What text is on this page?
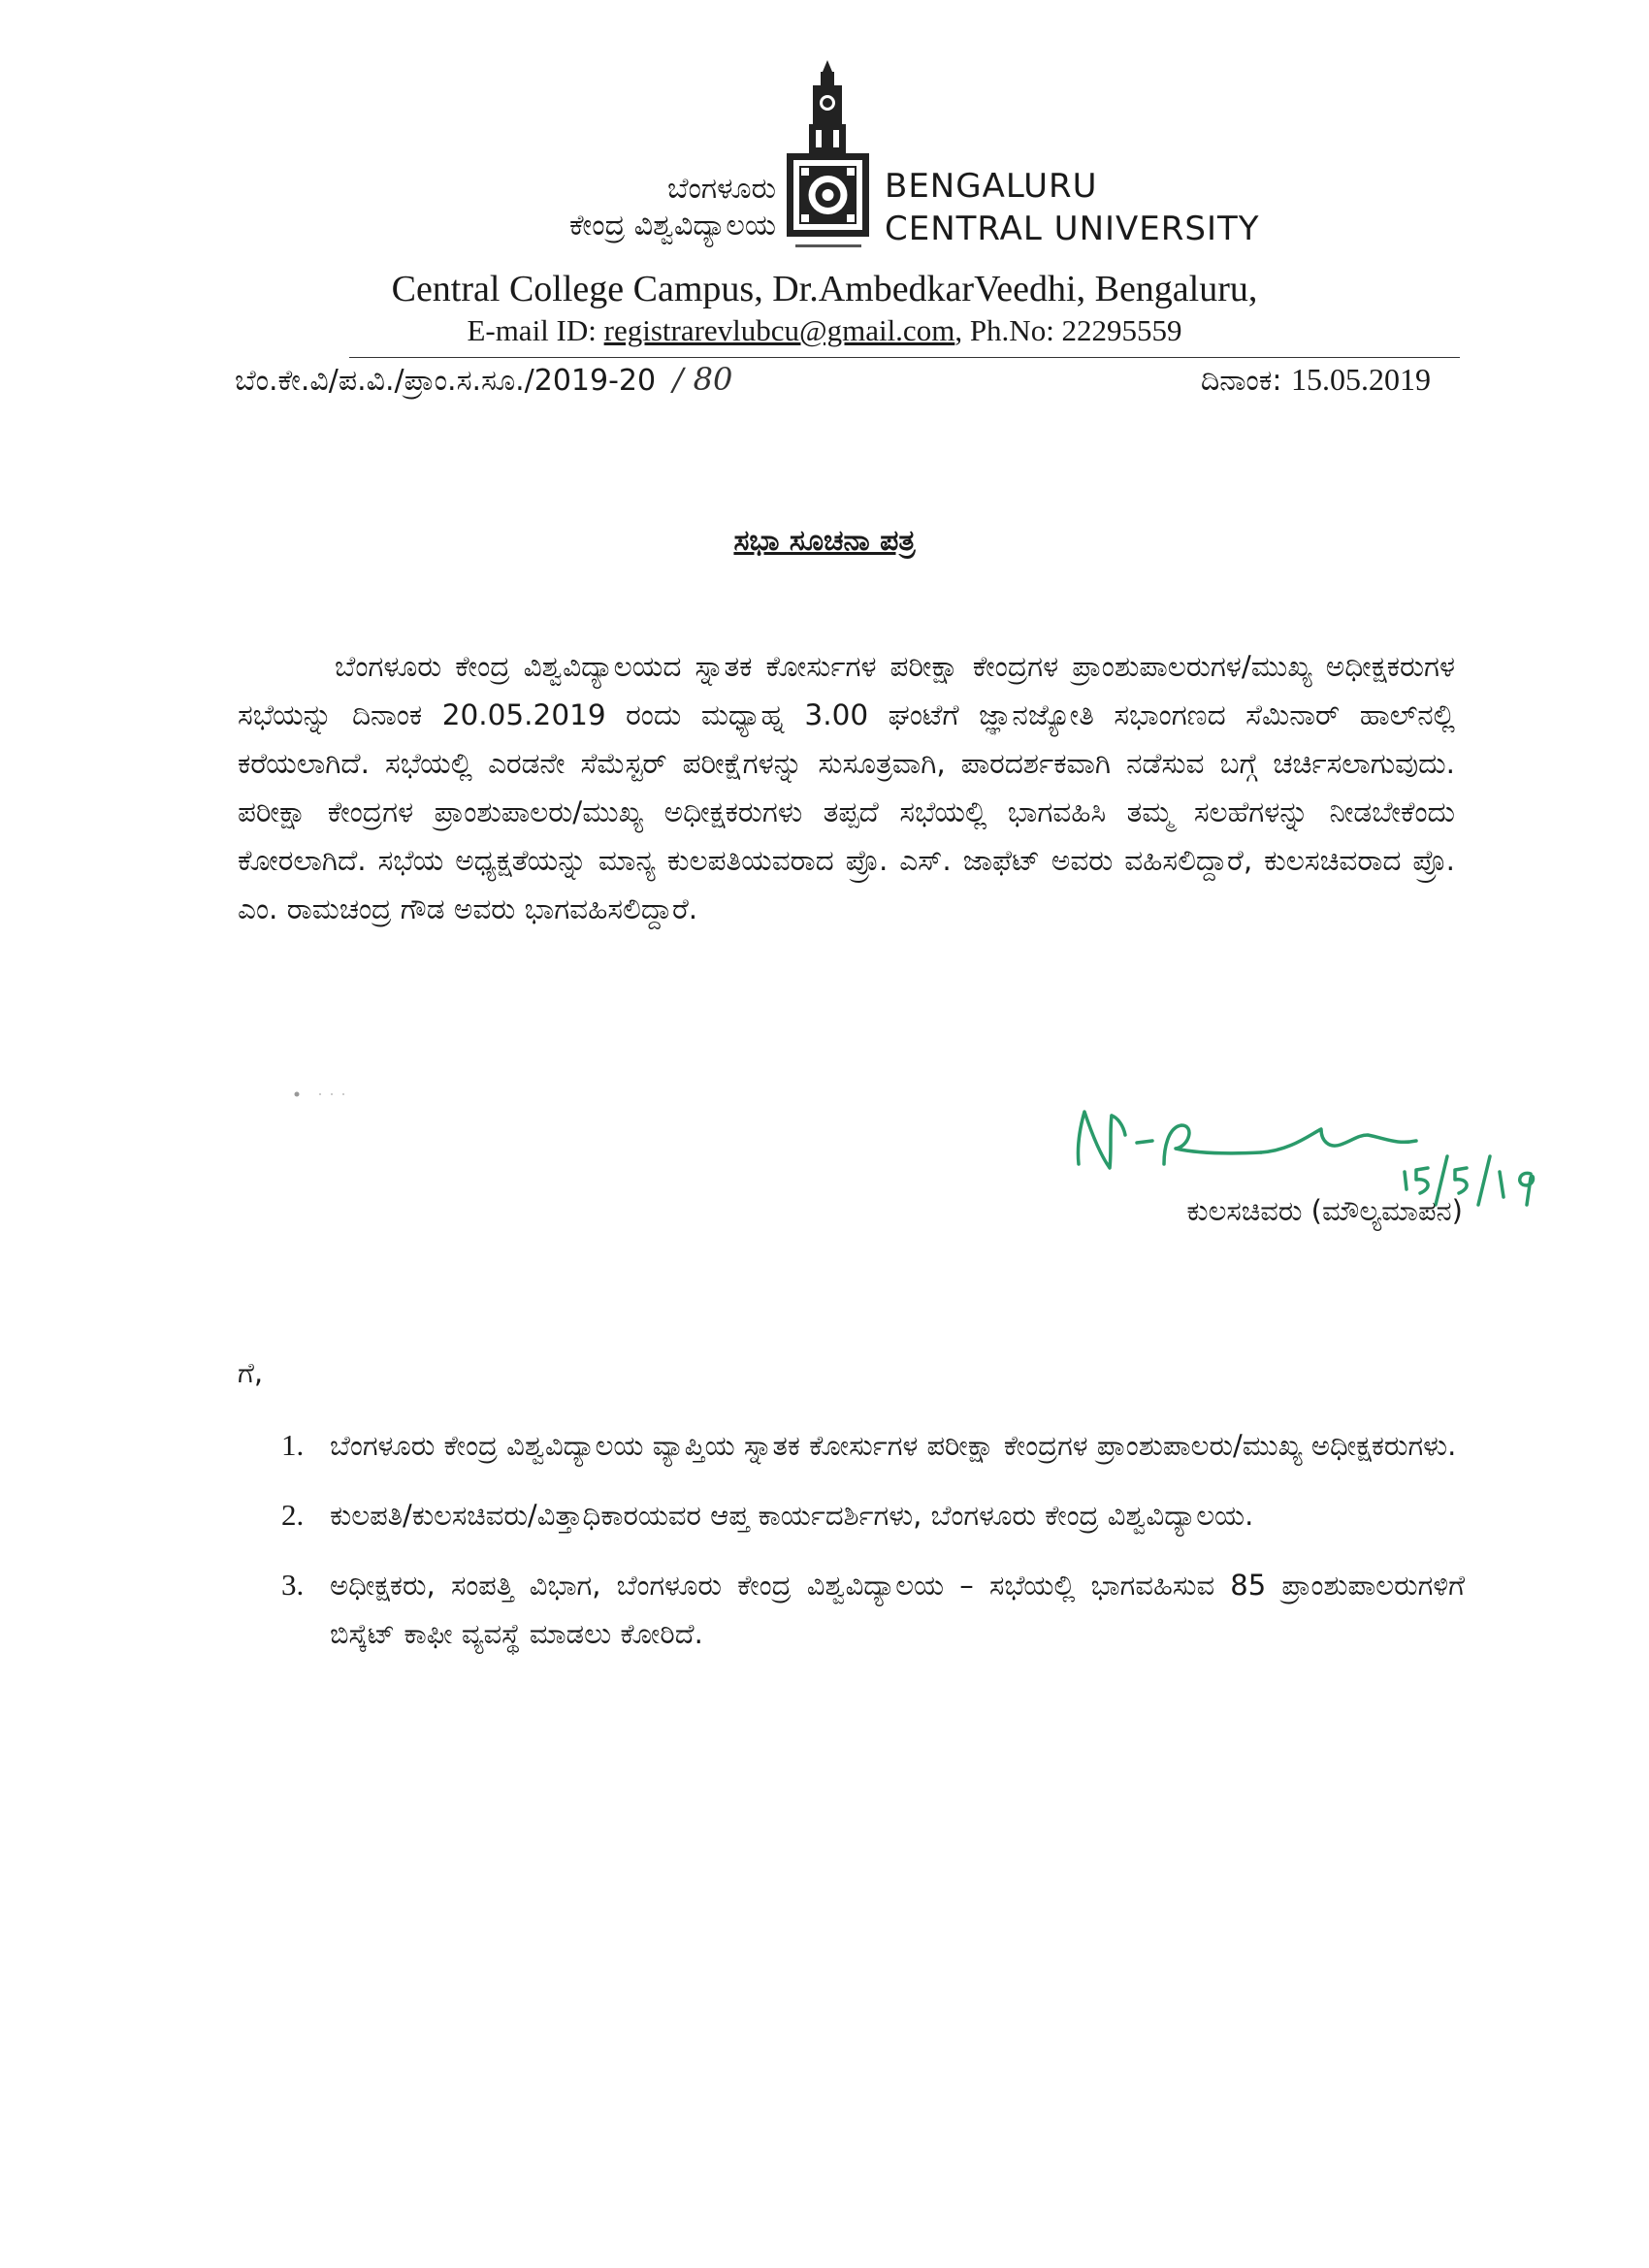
ಬೆಂಗಳೂರು
ಕೇಂದ್ರ ವಿಶ್ವವಿದ್ಯಾಲಯ
BENGALURU
CENTRAL UNIVERSITY
Central College Campus, Dr.AmbedkarVeedhi, Bengaluru,
E-mail ID: registrarevlubcu@gmail.com, Ph.No: 22295559
ಬೆಂ.ಕೇ.ವಿ/ಪ.ವಿ./ಪ್ರಾಂ.ಸ.ಸೂ./2019-20 / 80	ದಿನಾಂಕ: 15.05.2019
ಸಭಾ ಸೂಚನಾ ಪತ್ರ
ಬೆಂಗಳೂರು ಕೇಂದ್ರ ವಿಶ್ವವಿದ್ಯಾಲಯದ ಸ್ನಾತಕ ಕೋರ್ಸುಗಳ ಪರೀಕ್ಷಾ ಕೇಂದ್ರಗಳ ಪ್ರಾಂಶುಪಾಲರುಗಳ/ಮುಖ್ಯ ಅಧೀಕ್ಷಕರುಗಳ ಸಭೆಯನ್ನು ದಿನಾಂಕ 20.05.2019 ರಂದು ಮಧ್ಯಾಹ್ನ 3.00 ಘಂಟೆಗೆ ಜ್ಞಾನಜ್ಯೋತಿ ಸಭಾಂಗಣದ ಸೆಮಿನಾರ್ ಹಾಲ್‌ನಲ್ಲಿ ಕರೆಯಲಾಗಿದೆ. ಸಭೆಯಲ್ಲಿ ಎರಡನೇ ಸೆಮೆಸ್ಟರ್ ಪರೀಕ್ಷೆಗಳನ್ನು ಸುಸೂತ್ರವಾಗಿ, ಪಾರದರ್ಶಕವಾಗಿ ನಡೆಸುವ ಬಗ್ಗೆ ಚರ್ಚಿಸಲಾಗುವುದು. ಪರೀಕ್ಷಾ ಕೇಂದ್ರಗಳ ಪ್ರಾಂಶುಪಾಲರು/ಮುಖ್ಯ ಅಧೀಕ್ಷಕರುಗಳು ತಪ್ಪದೆ ಸಭೆಯಲ್ಲಿ ಭಾಗವಹಿಸಿ ತಮ್ಮ ಸಲಹೆಗಳನ್ನು ನೀಡಬೇಕೆಂದು ಕೋರಲಾಗಿದೆ. ಸಭೆಯ ಅಧ್ಯಕ್ಷತೆಯನ್ನು ಮಾನ್ಯ ಕುಲಪತಿಯವರಾದ ಪ್ರೊ. ಎಸ್. ಜಾಫೆಟ್ ಅವರು ವಹಿಸಲಿದ್ದಾರೆ, ಕುಲಸಚಿವರಾದ ಪ್ರೊ. ಎಂ. ರಾಮಚಂದ್ರ ಗೌಡ ಅವರು ಭಾಗವಹಿಸಲಿದ್ದಾರೆ.
ಕುಲಸಚಿವರು (ಮೌಲ್ಯಮಾಪನ)
ಗೆ,
1. ಬೆಂಗಳೂರು ಕೇಂದ್ರ ವಿಶ್ವವಿದ್ಯಾಲಯ ವ್ಯಾಪ್ತಿಯ ಸ್ನಾತಕ ಕೋರ್ಸುಗಳ ಪರೀಕ್ಷಾ ಕೇಂದ್ರಗಳ ಪ್ರಾಂಶುಪಾಲರು/ಮುಖ್ಯ ಅಧೀಕ್ಷಕರುಗಳು.
2. ಕುಲಪತಿ/ಕುಲಸಚಿವರು/ವಿತ್ತಾಧಿಕಾರಯವರ ಆಪ್ತ ಕಾರ್ಯದರ್ಶಿಗಳು, ಬೆಂಗಳೂರು ಕೇಂದ್ರ ವಿಶ್ವವಿದ್ಯಾಲಯ.
3. ಅಧೀಕ್ಷಕರು, ಸಂಪತ್ತಿ ವಿಭಾಗ, ಬೆಂಗಳೂರು ಕೇಂದ್ರ ವಿಶ್ವವಿದ್ಯಾಲಯ – ಸಭೆಯಲ್ಲಿ ಭಾಗವಹಿಸುವ 85 ಪ್ರಾಂಶುಪಾಲರುಗಳಿಗೆ ಬಿಸ್ಕೆಟ್ ಕಾಫೀ ವ್ಯವಸ್ಥೆ ಮಾಡಲು ಕೋರಿದೆ.
